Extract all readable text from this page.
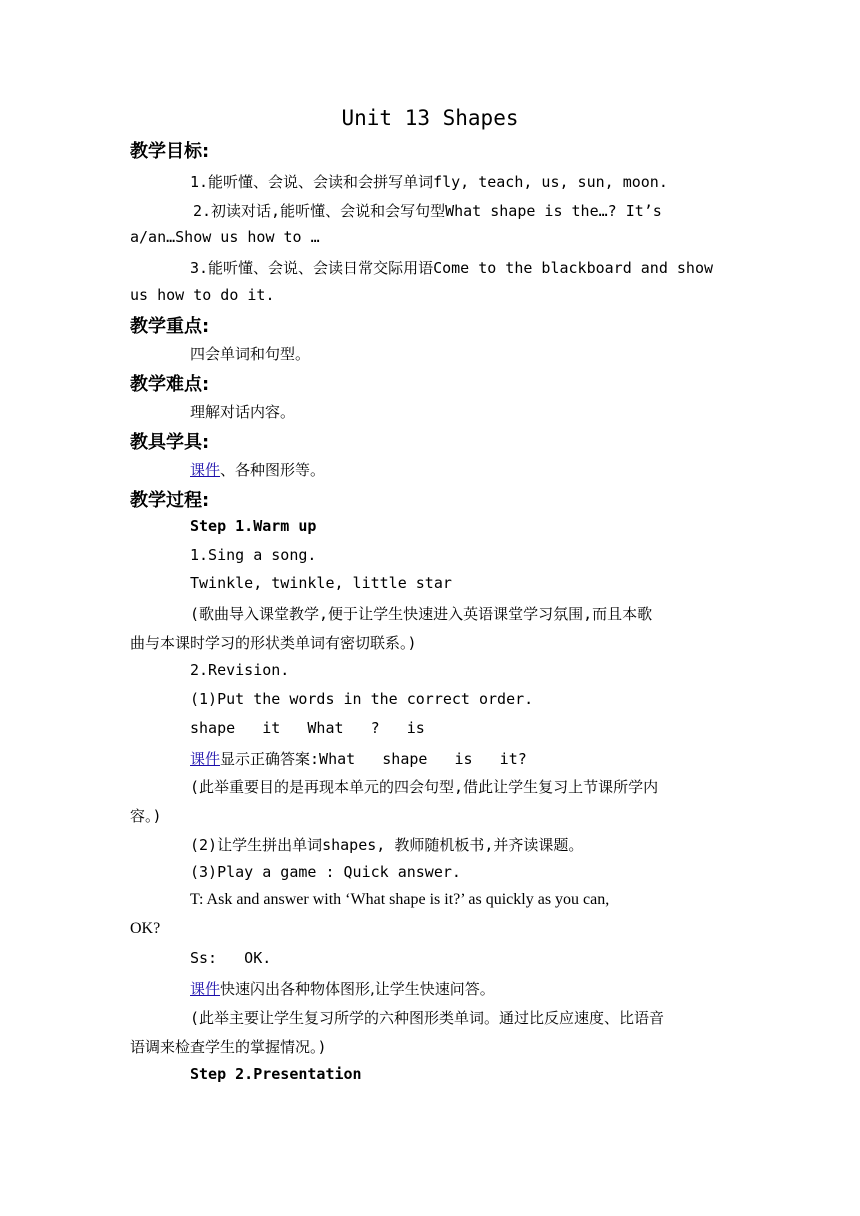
Unit 13 Shapes
教学目标:
1.能听懂、会说、会读和会拼写单词fly, teach, us, sun, moon.
2.初读对话,能听懂、会说和会写句型What shape is the…? It’s
a/an…Show us how to …
3.能听懂、会说、会读日常交际用语Come to the blackboard and show
us how to do it.
教学重点:
四会单词和句型。
教学难点:
理解对话内容。
教具学具:
课件、各种图形等。
教学过程:
Step 1.Warm up
1.Sing a song.
Twinkle, twinkle, little star
(歌曲导入课堂教学,便于让学生快速进入英语课堂学习氛围,而且本歌
曲与本课时学习的形状类单词有密切联系。)
2.Revision.
(1)Put the words in the correct order.
shape   it   What   ?   is
课件显示正确答案:What   shape   is   it?
(此举重要目的是再现本单元的四会句型,借此让学生复习上节课所学内
容。)
(2)让学生拼出单词shapes, 教师随机板书,并齐读课题。
(3)Play a game : Quick answer.
T: Ask and answer with ‘What shape is it?’ as quickly as you can,
OK?
Ss:   OK.
课件快速闪出各种物体图形,让学生快速问答。
(此举主要让学生复习所学的六种图形类单词。通过比反应速度、比语音
语调来检查学生的掌握情况。)
Step 2.Presentation
